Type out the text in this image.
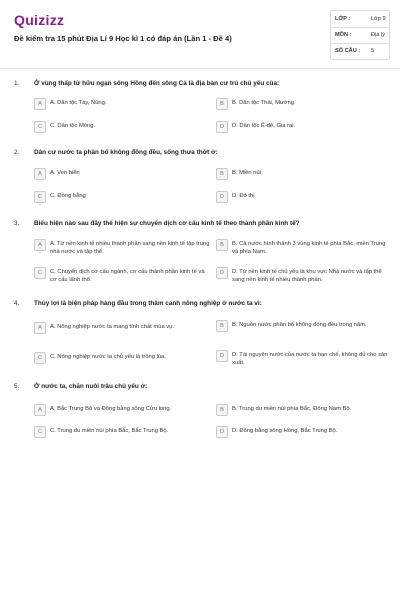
Quizizz
Đề kiểm tra 15 phút Địa Lí 9 Học kì 1 có đáp án (Lần 1 - Đề 4)
LỚP :	Lớp 9
MÔN :	Địa lý
SỐ CÂU : 5
1. Ở vùng thấp từ hữu ngạn sông Hồng đến sông Cả là địa bàn cư trú chủ yếu của:
A	A. Dân tộc Tày, Nùng.	B	B. Dân tộc Thái, Mường.
C	C. Dân tộc Mông.	D	D. Dân tộc Ê-đê, Gia rai.
2. Dân cư nước ta phân bố không đồng đều, sống thưa thớt ở:
A	A. Ven biển	B	B. Miền núi
C	C. Đồng bằng	D	D. Đô thị
3. Biểu hiện nào sau đây thể hiện sự chuyển dịch cơ cấu kinh tế theo thành phần kinh tế?
A	A. Từ nền kinh tế nhiều thành phần sang nền kinh tế tập trung nhà nước và tập thể.
B	B. Cả nước hình thành 3 vùng kinh tế phía Bắc, miền Trung và phía Nam.
C	C. Chuyển dịch cơ cấu ngành, cơ cấu thành phần kinh tế và cơ cấu lãnh thổ.
D	D. Từ nền kinh tế chủ yếu là khu vực Nhà nước và tập thể sang nền kinh tế nhiều thành phần.
4. Thủy lợi là biện pháp hàng đầu trong thâm canh nông nghiệp ở nước ta vì:
A	A. Nông nghiệp nước ta mang tính chất mùa vụ.	B	B. Nguồn nước phân bố không đồng đều trong năm.
C	C. Nông nghiệp nước ta chủ yếu là trồng lúa.	D	D. Tài nguyên nước của nước ta hạn chế, không đủ cho sản xuất.
5. Ở nước ta, chăn nuôi trâu chủ yếu ở:
A	A. Bắc Trung Bộ và Đồng bằng sông Cửu long.	B	B. Trung du miền núi phía Bắc, Đông Nam Bộ.
C	C. Trung du miền núi phía Bắc, Bắc Trung Bộ.	D	D. Đồng bằng sông Hồng, Bắc Trung Bộ.
